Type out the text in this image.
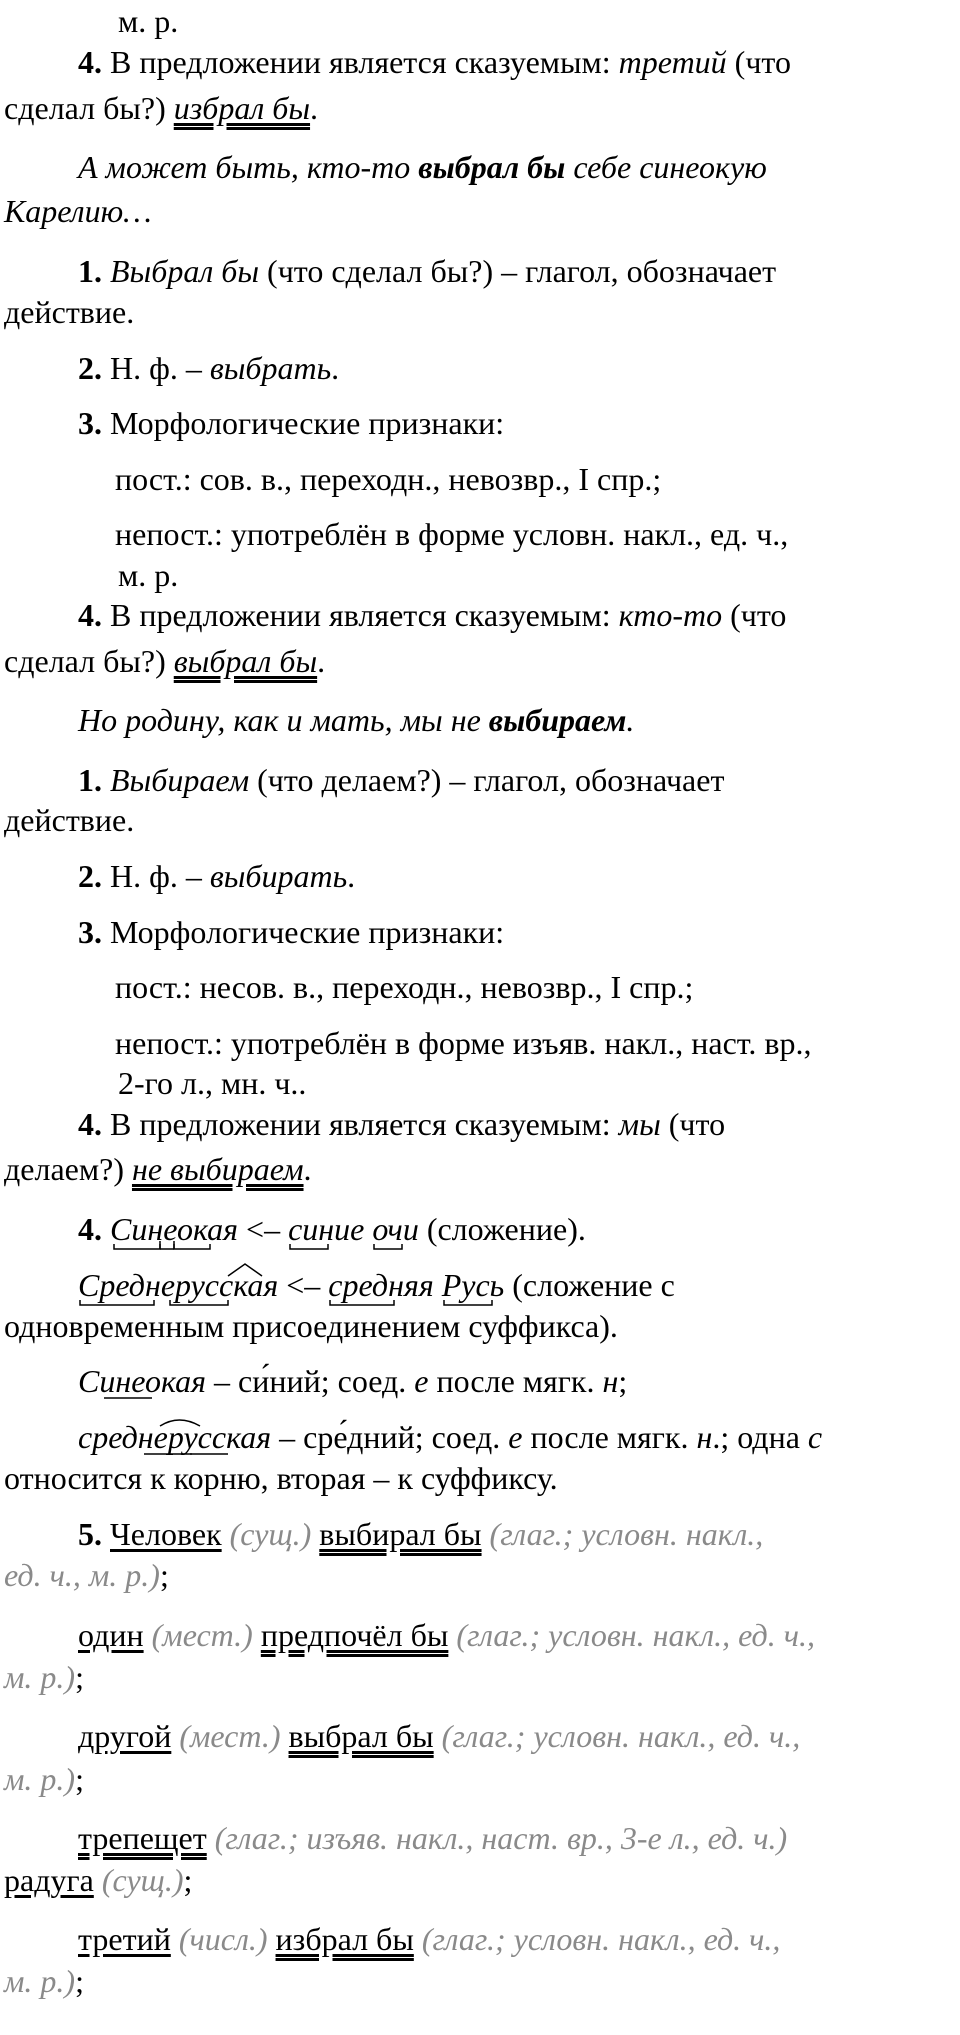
м. р.
4. В предложении является сказуемым: третий (что
сделал бы?) избрал бы.
А может быть, кто-то выбрал бы себе синеокую
Карелию…
1. Выбрал бы (что сделал бы?) – глагол, обозначает
действие.
2. Н. ф. – выбрать.
3. Морфологические признаки:
пост.: сов. в., переходн., невозвр., I спр.;
непост.: употреблён в форме условн. накл., ед. ч.,
м. р.
4. В предложении является сказуемым: кто-то (что
сделал бы?) выбрал бы.
Но родину, как и мать, мы не выбираем.
1. Выбираем (что делаем?) – глагол, обозначает
действие.
2. Н. ф. – выбирать.
3. Морфологические признаки:
пост.: несов. в., переходн., невозвр., I спр.;
непост.: употреблён в форме изъяв. накл., наст. вр.,
2-го л., мн. ч..
4. В предложении является сказуемым: мы (что
делаем?) не выбираем.
4. Синеокая
<– синие очи
(сложение).
Среднерусская
<– средняя Русь
(сложение с
одновременным присоединением суффикса).
Синеокая
– си́ний; соед. е после мягк. н;
среднерусская
– сре́дний; соед. е после мягк. н.; одна с
относится к корню, вторая – к суффиксу.
5. Человек (сущ.) выбирал бы (глаг.; условн. накл.,
ед. ч., м. р.);
один (мест.) предпочёл бы (глаг.; условн. накл., ед. ч.,
м. р.);
другой (мест.) выбрал бы (глаг.; условн. накл., ед. ч.,
м. р.);
трепещет (глаг.; изъяв. накл., наст. вр., 3-е л., ед. ч.)
радуга (сущ.);
третий (числ.) избрал бы (глаг.; условн. накл., ед. ч.,
м. р.);
